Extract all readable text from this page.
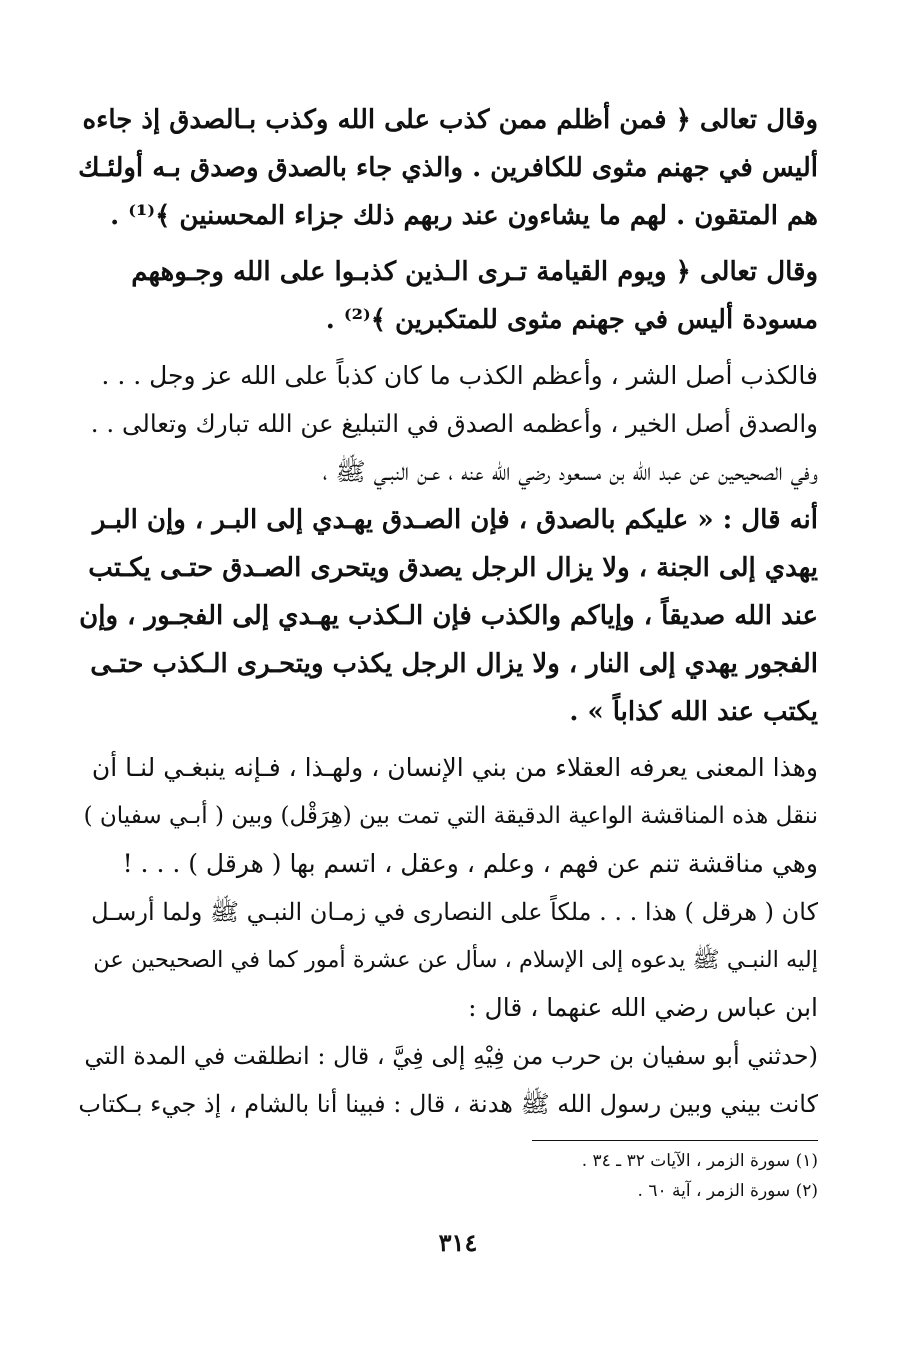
وقال تعالى ﴿ فمن أظلم ممن كذب على الله وكذب بـالصدق إذ جاءه
أليس في جهنم مثوى للكافرين . والذي جاء بالصدق وصدق بـه أولئـك
هم المتقون . لهم ما يشاءون عند ربهم ذلك جزاء المحسنين ﴾⁽¹⁾ .
وقال تعالى ﴿ ويوم القيامة تـرى الـذين كذبـوا على الله وجـوههم
مسودة أليس في جهنم مثوى للمتكبرين ﴾⁽²⁾ .
فالكذب أصل الشر ، وأعظم الكذب ما كان كذباً على الله عز وجل . . .
والصدق أصل الخير ، وأعظمه الصدق في التبليغ عن الله تبارك وتعالى . .
وفي الصحيحين عن عبد الله بن مسعود رضي الله عنه ، عـن النبـي ﷺ ،
أنه قال : « عليكم بالصدق ، فإن الصـدق يهـدي إلى البـر ، وإن البـر
يهدي إلى الجنة ، ولا يزال الرجل يصدق ويتحرى الصـدق حتـى يكـتب
عند الله صديقاً ، وإياكم والكذب فإن الـكذب يهـدي إلى الفجـور ، وإن
الفجور يهدي إلى النار ، ولا يزال الرجل يكذب ويتحـرى الـكذب حتـى
يكتب عند الله كذاباً » .
وهذا المعنى يعرفه العقلاء من بني الإنسان ، ولهـذا ، فـإنه ينبغـي لنـا أن
ننقل هذه المناقشة الواعية الدقيقة التي تمت بين (هِرَقْل) وبين ( أبـي سفيان )
وهي مناقشة تنم عن فهم ، وعلم ، وعقل ، اتسم بها ( هرقل ) . . . !
كان ( هرقل ) هذا . . . ملكاً على النصارى في زمـان النبـي ﷺ ولما أرسـل
إليه النبـي ﷺ يدعوه إلى الإسلام ، سأل عن عشرة أمور كما في الصحيحين عن
ابن عباس رضي الله عنهما ، قال :
(حدثني أبو سفيان بن حرب من فِيْهِ إلى فِيَّ ، قال : انطلقت في المدة التي
كانت بيني وبين رسول الله ﷺ هدنة ، قال : فبينا أنا بالشام ، إذ جيء بـكتاب
(١) سورة الزمر ، الآيات ٣٢ ـ ٣٤ .
(٢) سورة الزمر ، آية ٦٠ .
٣١٤
